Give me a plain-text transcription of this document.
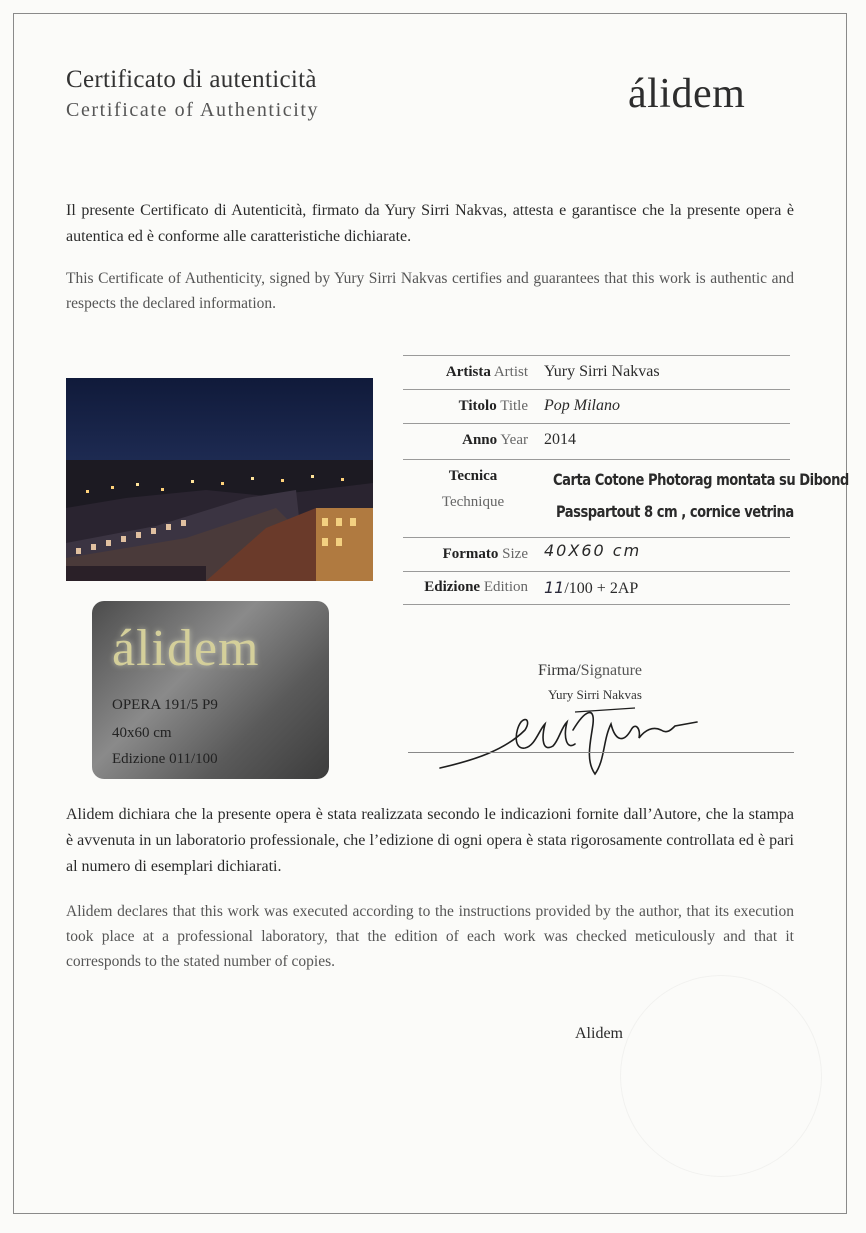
Certificato di autenticità
Certificate of Authenticity	álidem
Il presente Certificato di Autenticità, firmato da Yury Sirri Nakvas, attesta e garantisce che la presente opera è autentica ed è conforme alle caratteristiche dichiarate.
This Certificate of Authenticity, signed by Yury Sirri Nakvas certifies and guarantees that this work is authentic and respects the declared information.
álidem
OPERA 191/5 P9
40x60 cm
Edizione 011/100
Artista Artist Yury Sirri Nakvas
Titolo Title Pop Milano
Anno Year 2014
Tecnica
Technique
Carta Cotone Photorag montata su Dibond
Passpartout 8 cm , cornice vetrina
Formato Size 40X60 cm
Edizione Edition 11/100 + 2AP
Firma/Signature
Yury Sirri Nakvas
Alidem dichiara che la presente opera è stata realizzata secondo le indicazioni fornite dall’Autore, che la stampa è avvenuta in un laboratorio professionale, che l’edizione di ogni opera è stata rigorosamente controllata ed è pari al numero di esemplari dichiarati.
Alidem declares that this work was executed according to the instructions provided by the author, that its execution took place at a professional laboratory, that the edition of each work was checked meticulously and that it corresponds to the stated number of copies.
Alidem
